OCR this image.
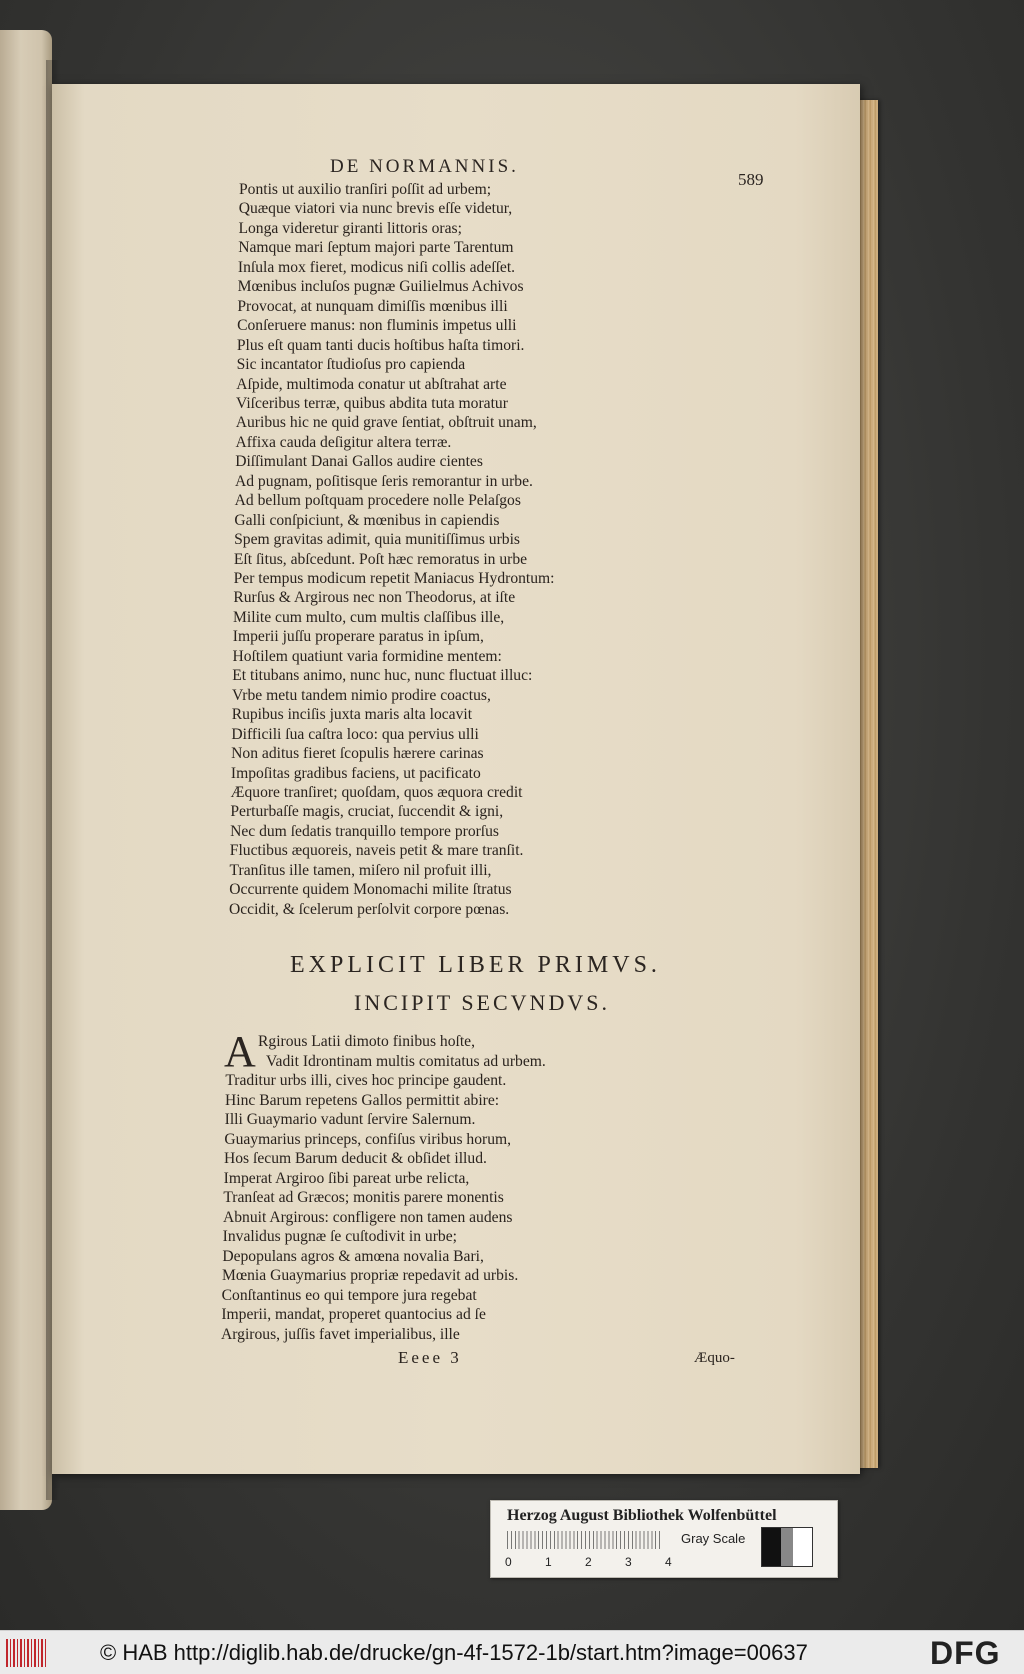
DE NORMANNIS.
589
Pontis ut auxilio tranſiri poſſit ad urbem;
Quæque viatori via nunc brevis eſſe videtur,
Longa videretur giranti littoris oras;
Namque mari ſeptum majori parte Tarentum
Inſula mox fieret, modicus niſi collis adeſſet.
Mœnibus incluſos pugnæ Guilielmus Achivos
Provocat, at nunquam dimiſſis mœnibus illi
Conſeruere manus: non fluminis impetus ulli
Plus eſt quam tanti ducis hoſtibus haſta timori.
Sic incantator ſtudioſus pro capienda
Aſpide, multimoda conatur ut abſtrahat arte
Viſceribus terræ, quibus abdita tuta moratur
Auribus hic ne quid grave ſentiat, obſtruit unam,
Affixa cauda deſigitur altera terræ.
Diſſimulant Danai Gallos audire cientes
Ad pugnam, poſitisque ſeris remorantur in urbe.
Ad bellum poſtquam procedere nolle Pelaſgos
Galli conſpiciunt, & mœnibus in capiendis
Spem gravitas adimit, quia munitiſſimus urbis
Eſt ſitus, abſcedunt. Poſt hæc remoratus in urbe
Per tempus modicum repetit Maniacus Hydrontum:
Rurſus & Argirous nec non Theodorus, at iſte
Milite cum multo, cum multis claſſibus ille,
Imperii juſſu properare paratus in ipſum,
Hoſtilem quatiunt varia formidine mentem:
Et titubans animo, nunc huc, nunc fluctuat illuc:
Vrbe metu tandem nimio prodire coactus,
Rupibus inciſis juxta maris alta locavit
Difficili ſua caſtra loco: qua pervius ulli
Non aditus fieret ſcopulis hærere carinas
Impoſitas gradibus faciens, ut pacificato
Æquore tranſiret; quoſdam, quos æquora credit
Perturbaſſe magis, cruciat, ſuccendit & igni,
Nec dum ſedatis tranquillo tempore prorſus
Fluctibus æquoreis, naveis petit & mare tranſit.
Tranſitus ille tamen, miſero nil profuit illi,
Occurrente quidem Monomachi milite ſtratus
Occidit, & ſcelerum perſolvit corpore pœnas.
EXPLICIT LIBER PRIMVS.
INCIPIT SECVNDVS.
A Rgirous Latii dimoto finibus hoſte,
Vadit Idrontinam multis comitatus ad urbem.
Traditur urbs illi, cives hoc principe gaudent.
Hinc Barum repetens Gallos permittit abire:
Illi Guaymario vadunt ſervire Salernum.
Guaymarius princeps, confiſus viribus horum,
Hos ſecum Barum deducit & obſidet illud.
Imperat Argiroo ſibi pareat urbe relicta,
Tranſeat ad Græcos; monitis parere monentis
Abnuit Argirous: confligere non tamen audens
Invalidus pugnæ ſe cuſtodivit in urbe;
Depopulans agros & amœna novalia Bari,
Mœnia Guaymarius propriæ repedavit ad urbis.
Conſtantinus eo qui tempore jura regebat
Imperii, mandat, properet quantocius ad ſe
Argirous, juſſis favet imperialibus, ille
Eeee 3	Æquo-
Herzog August Bibliothek Wolfenbüttel
0	1	2	3	4
Gray Scale
© HAB http://diglib.hab.de/drucke/gn-4f-1572-1b/start.htm?image=00637	DFG
